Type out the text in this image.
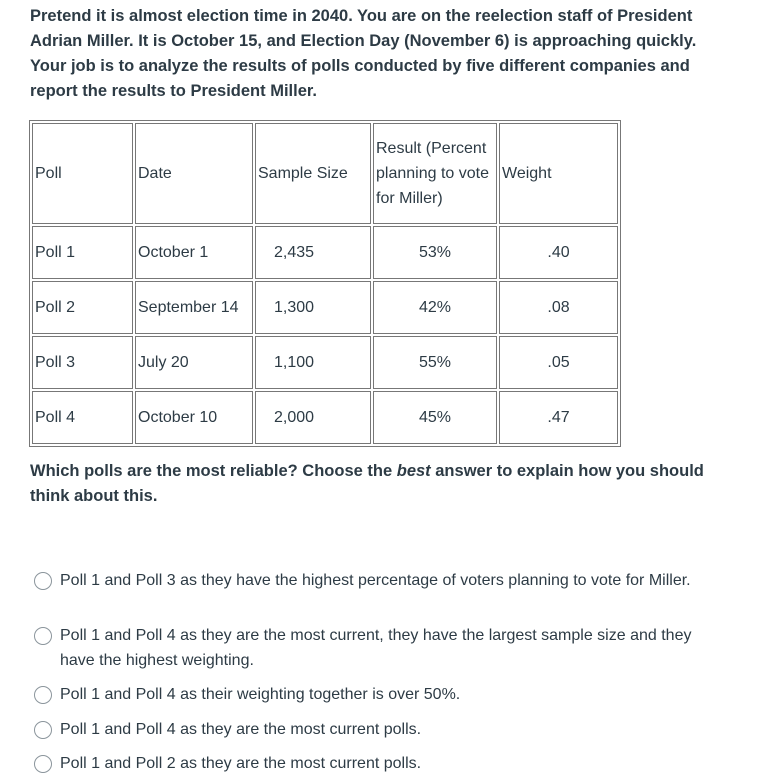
Pretend it is almost election time in 2040. You are on the reelection staff of President Adrian Miller. It is October 15, and Election Day (November 6) is approaching quickly. Your job is to analyze the results of polls conducted by five different companies and report the results to President Miller.

Poll	Date	Sample Size	Result (Percent planning to vote for Miller)	Weight
Poll 1	October 1	2,435	53%	.40
Poll 2	September 14	1,300	42%	.08
Poll 3	July 20	1,100	55%	.05
Poll 4	October 10	2,000	45%	.47

Which polls are the most reliable? Choose the best answer to explain how you should think about this.

Poll 1 and Poll 3 as they have the highest percentage of voters planning to vote for Miller.
Poll 1 and Poll 4 as they are the most current, they have the largest sample size and they have the highest weighting.
Poll 1 and Poll 4 as their weighting together is over 50%.
Poll 1 and Poll 4 as they are the most current polls.
Poll 1 and Poll 2 as they are the most current polls.
